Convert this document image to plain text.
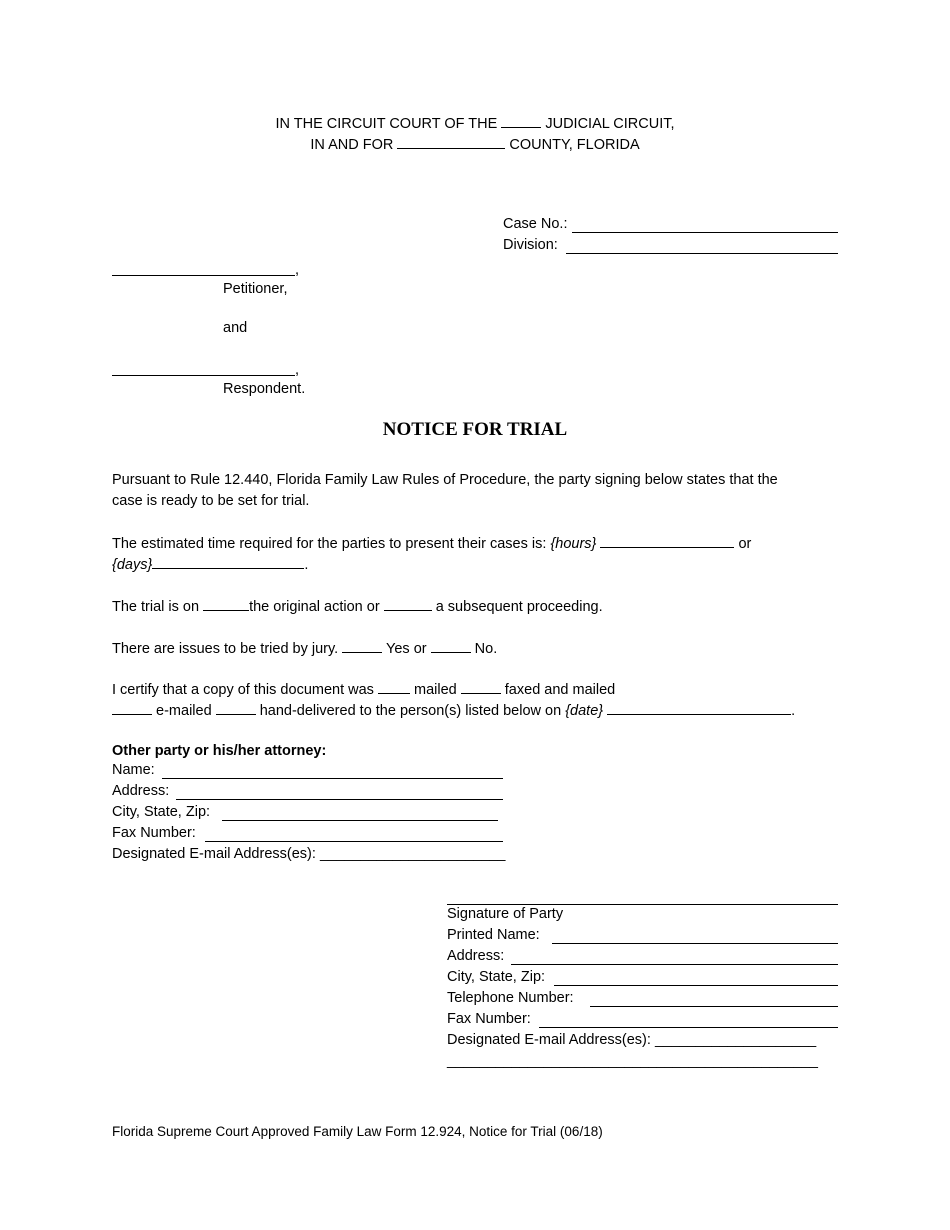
IN THE CIRCUIT COURT OF THE	JUDICIAL CIRCUIT,
IN AND FOR	COUNTY, FLORIDA
Case No.:
Division:
,
Petitioner,
and
,
Respondent.
NOTICE FOR TRIAL
Pursuant to Rule 12.440, Florida Family Law Rules of Procedure, the party signing below states that the
case is ready to be set for trial.
The estimated time required for the parties to present their cases is: {hours}	or
{days}	.
The trial is on	the original action or	a subsequent proceeding.
There are issues to be tried by jury.	Yes or	No.
I certify that a copy of this document was	mailed	faxed and mailed
e-mailed	hand-delivered to the person(s) listed below on {date}	.
Other party or his/her attorney:
Name:
Address:
City, State, Zip:
Fax Number:
Designated E-mail Address(es): _______________________
Signature of Party
Printed Name:
Address:
City, State, Zip:
Telephone Number:
Fax Number:
Designated E-mail Address(es): ____________________
______________________________________________
Florida Supreme Court Approved Family Law Form 12.924, Notice for Trial (06/18)
